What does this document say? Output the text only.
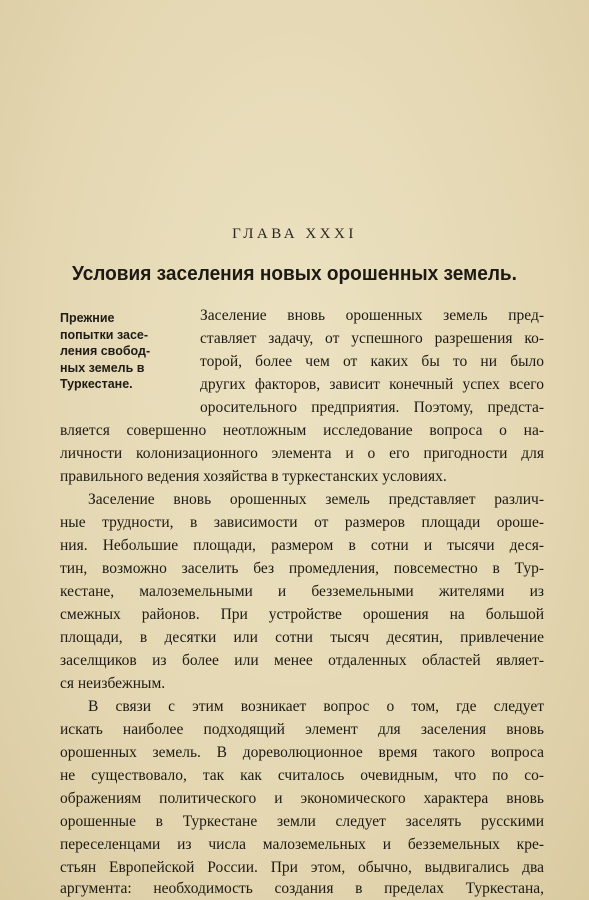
ГЛАВА XXXI
Условия заселения новых орошенных земель.
Прежние
попытки засе-
ления свобод-
ных земель в
Туркестане.
Заселение вновь орошенных земель пред-
ставляет задачу, от успешного разрешения ко-
торой, более чем от каких бы то ни было
других факторов, зависит конечный успех всего
оросительного предприятия. Поэтому, предста-
вляется совершенно неотложным исследование вопроса о на-
личности колонизационного элемента и о его пригодности для
правильного ведения хозяйства в туркестанских условиях.
Заселение вновь орошенных земель представляет различ-
ные трудности, в зависимости от размеров площади ороше-
ния. Небольшие площади, размером в сотни и тысячи деся-
тин, возможно заселить без промедления, повсеместно в Тур-
кестане, малоземельными и безземельными жителями из
смежных районов. При устройстве орошения на большой
площади, в десятки или сотни тысяч десятин, привлечение
заселщиков из более или менее отдаленных областей являет-
ся неизбежным.
В связи с этим возникает вопрос о том, где следует
искать наиболее подходящий элемент для заселения вновь
орошенных земель. В дореволюционное время такого вопроса
не существовало, так как считалось очевидным, что по со-
ображениям политического и экономического характера вновь
орошенные в Туркестане земли следует заселять русскими
переселенцами из числа малоземельных и безземельных кре-
стьян Европейской России. При этом, обычно, выдвигались два
аргумента: необходимость создания в пределах Туркестана,
